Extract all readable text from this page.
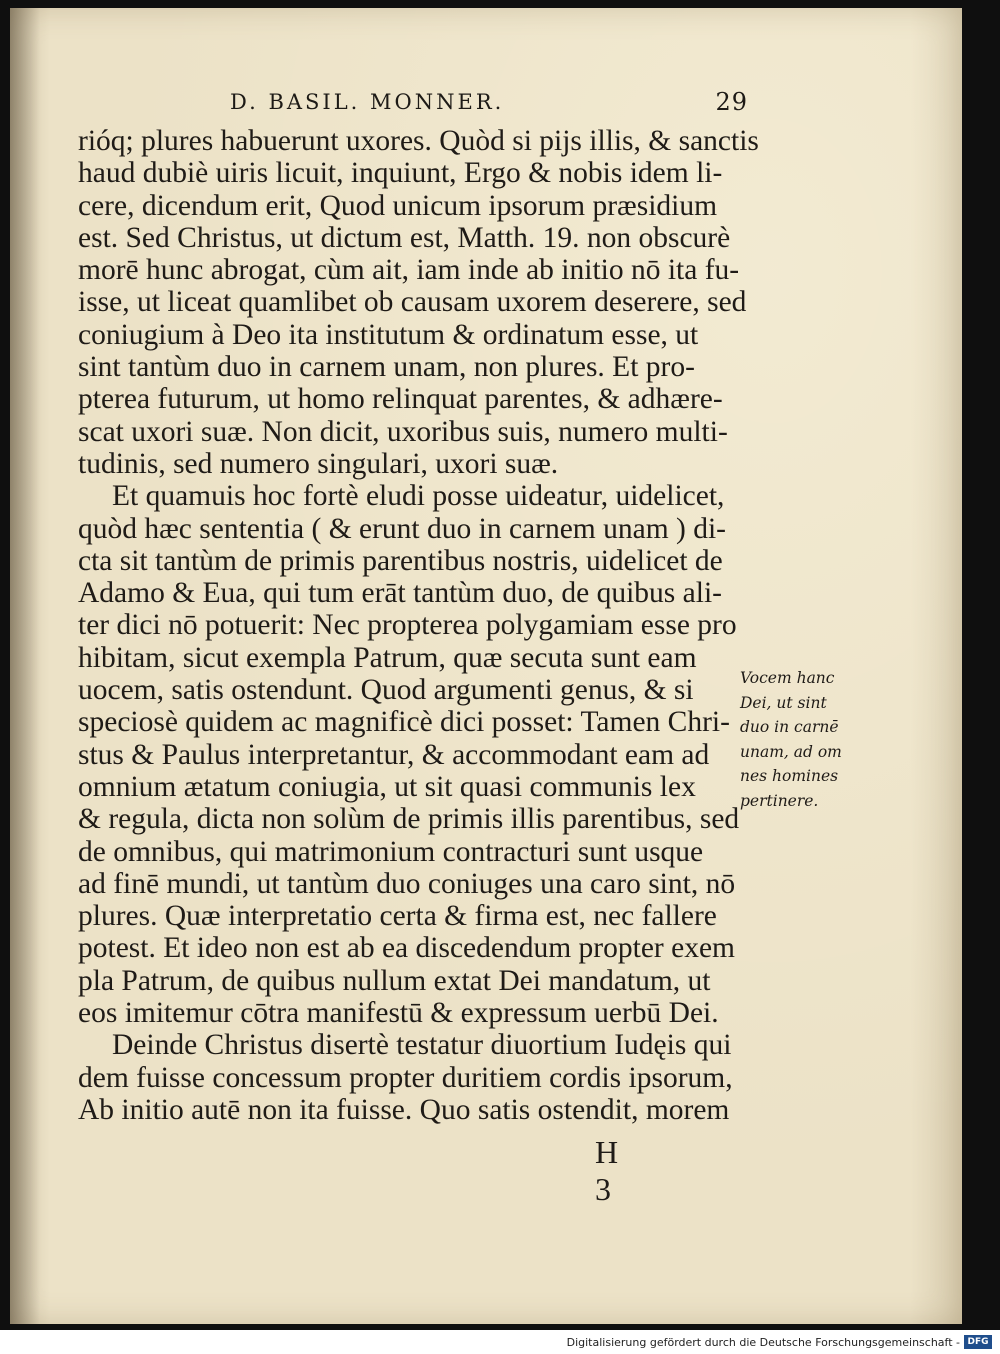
D. BASIL. MONNER.	29
rióq; plures habuerunt uxores. Quòd si pijs illis, & sanctis
haud dubiè uiris licuit, inquiunt, Ergo & nobis idem li-
cere, dicendum erit, Quod unicum ipsorum præsidium
est. Sed Christus, ut dictum est, Matth. 19. non obscurè
morē hunc abrogat, cùm ait, iam inde ab initio nō ita fu-
isse, ut liceat quamlibet ob causam uxorem deserere, sed
coniugium à Deo ita institutum & ordinatum esse, ut
sint tantùm duo in carnem unam, non plures. Et pro-
pterea futurum, ut homo relinquat parentes, & adhære-
scat uxori suæ. Non dicit, uxoribus suis, numero multi-
tudinis, sed numero singulari, uxori suæ.
Et quamuis hoc fortè eludi posse uideatur, uidelicet,
quòd hæc sententia ( & erunt duo in carnem unam ) di-
cta sit tantùm de primis parentibus nostris, uidelicet de
Adamo & Eua, qui tum erāt tantùm duo, de quibus ali-
ter dici nō potuerit: Nec propterea polygamiam esse pro
hibitam, sicut exempla Patrum, quæ secuta sunt eam
uocem, satis ostendunt. Quod argumenti genus, & si
speciosè quidem ac magnificè dici posset: Tamen Chri-
stus & Paulus interpretantur, & accommodant eam ad
omnium ætatum coniugia, ut sit quasi communis lex
& regula, dicta non solùm de primis illis parentibus, sed
de omnibus, qui matrimonium contracturi sunt usque
ad finē mundi, ut tantùm duo coniuges una caro sint, nō
plures. Quæ interpretatio certa & firma est, nec fallere
potest. Et ideo non est ab ea discedendum propter exem
pla Patrum, de quibus nullum extat Dei mandatum, ut
eos imitemur cōtra manifestū & expressum uerbū Dei.
Deinde Christus disertè testatur diuortium Iudęis qui
dem fuisse concessum propter duritiem cordis ipsorum,
Ab initio autē non ita fuisse. Quo satis ostendit, morem
Vocem hanc
Dei, ut sint
duo in carnē
unam, ad om
nes homines
pertinere.
H 3
Digitalisierung gefördert durch die Deutsche Forschungsgemeinschaft - DFG
